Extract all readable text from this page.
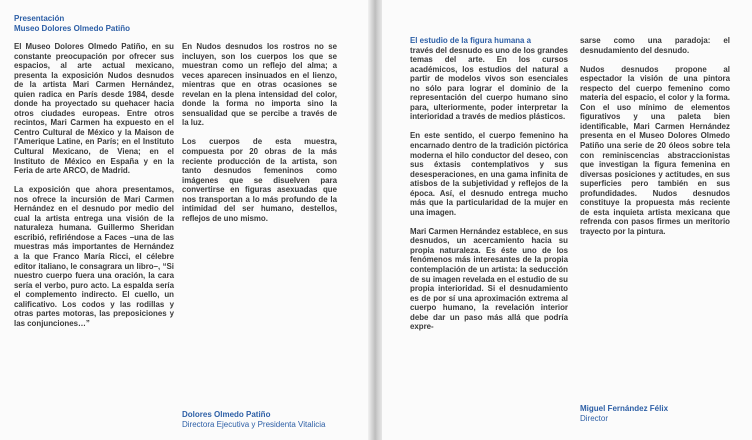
Presentación
Museo Dolores Olmedo Patiño

El Museo Dolores Olmedo Patiño, en su constante preocupación por ofrecer sus espacios, al arte actual mexicano, presenta la exposición Nudos desnudos de la artista Mari Carmen Hernández, quien radica en París desde 1984, desde donde ha proyectado su quehacer hacia otros ciudades europeas. Entre otros recintos, Mari Carmen ha expuesto en el Centro Cultural de México y la Maison de l'Amerique Latine, en París; en el Instituto Cultural Mexicano, de Viena; en el Instituto de México en España y en la Feria de arte ARCO, de Madrid.

La exposición que ahora presentamos, nos ofrece la incursión de Mari Carmen Hernández en el desnudo por medio del cual la artista entrega una visión de la naturaleza humana. Guillermo Sheridan escribió, refiriéndose a Faces –una de las muestras más importantes de Hernández a la que Franco María Ricci, el célebre editor italiano, le consagrara un libro–, “Si nuestro cuerpo fuera una oración, la cara sería el verbo, puro acto. La espalda sería el complemento indirecto. El cuello, un calificativo. Los codos y las rodillas y otras partes motoras, las preposiciones y las conjunciones…”

En Nudos desnudos los rostros no se incluyen, son los cuerpos los que se muestran como un reflejo del alma; a veces aparecen insinuados en el lienzo, mientras que en otras ocasiones se revelan en la plena intensidad del color, donde la forma no importa sino la sensualidad que se percibe a través de la luz.

Los cuerpos de esta muestra, compuesta por 20 obras de la más reciente producción de la artista, son tanto desnudos femeninos como imágenes que se disuelven para convertirse en figuras asexuadas que nos transportan a lo más profundo de la intimidad del ser humano, destellos, reflejos de uno mismo.

Dolores Olmedo Patiño
Directora Ejecutiva y Presidenta Vitalicia
El estudio de la figura humana a

través del desnudo es uno de los grandes temas del arte. En los cursos académicos, los estudios del natural a partir de modelos vivos son esenciales no sólo para lograr el dominio de la representación del cuerpo humano sino para, ulteriormente, poder interpretar la interioridad a través de medios plásticos.

En este sentido, el cuerpo femenino ha encarnado dentro de la tradición pictórica moderna el hilo conductor del deseo, con sus éxtasis contemplativos y sus desesperaciones, en una gama infinita de atisbos de la subjetividad y reflejos de la época. Así, el desnudo entrega mucho más que la particularidad de la mujer en una imagen.

Mari Carmen Hernández establece, en sus desnudos, un acercamiento hacia su propia naturaleza. Es éste uno de los fenómenos más interesantes de la propia contemplación de un artista: la seducción de su imagen revelada en el estudio de su propia interioridad. Si el desnudamiento es de por sí una aproximación extrema al cuerpo humano, la revelación interior debe dar un paso más allá que podría expre-

sarse como una paradoja: el desnudamiento del desnudo.

Nudos desnudos propone al espectador la visión de una pintora respecto del cuerpo femenino como materia del espacio, el color y la forma. Con el uso mínimo de elementos figurativos y una paleta bien identificable, Mari Carmen Hernández presenta en el Museo Dolores Olmedo Patiño una serie de 20 óleos sobre tela con reminiscencias abstraccionistas que investigan la figura femenina en diversas posiciones y actitudes, en sus superficies pero también en sus profundidades. Nudos desnudos constituye la propuesta más reciente de esta inquieta artista mexicana que refrenda con pasos firmes un meritorio trayecto por la pintura.

Miguel Fernández Félix
Director
